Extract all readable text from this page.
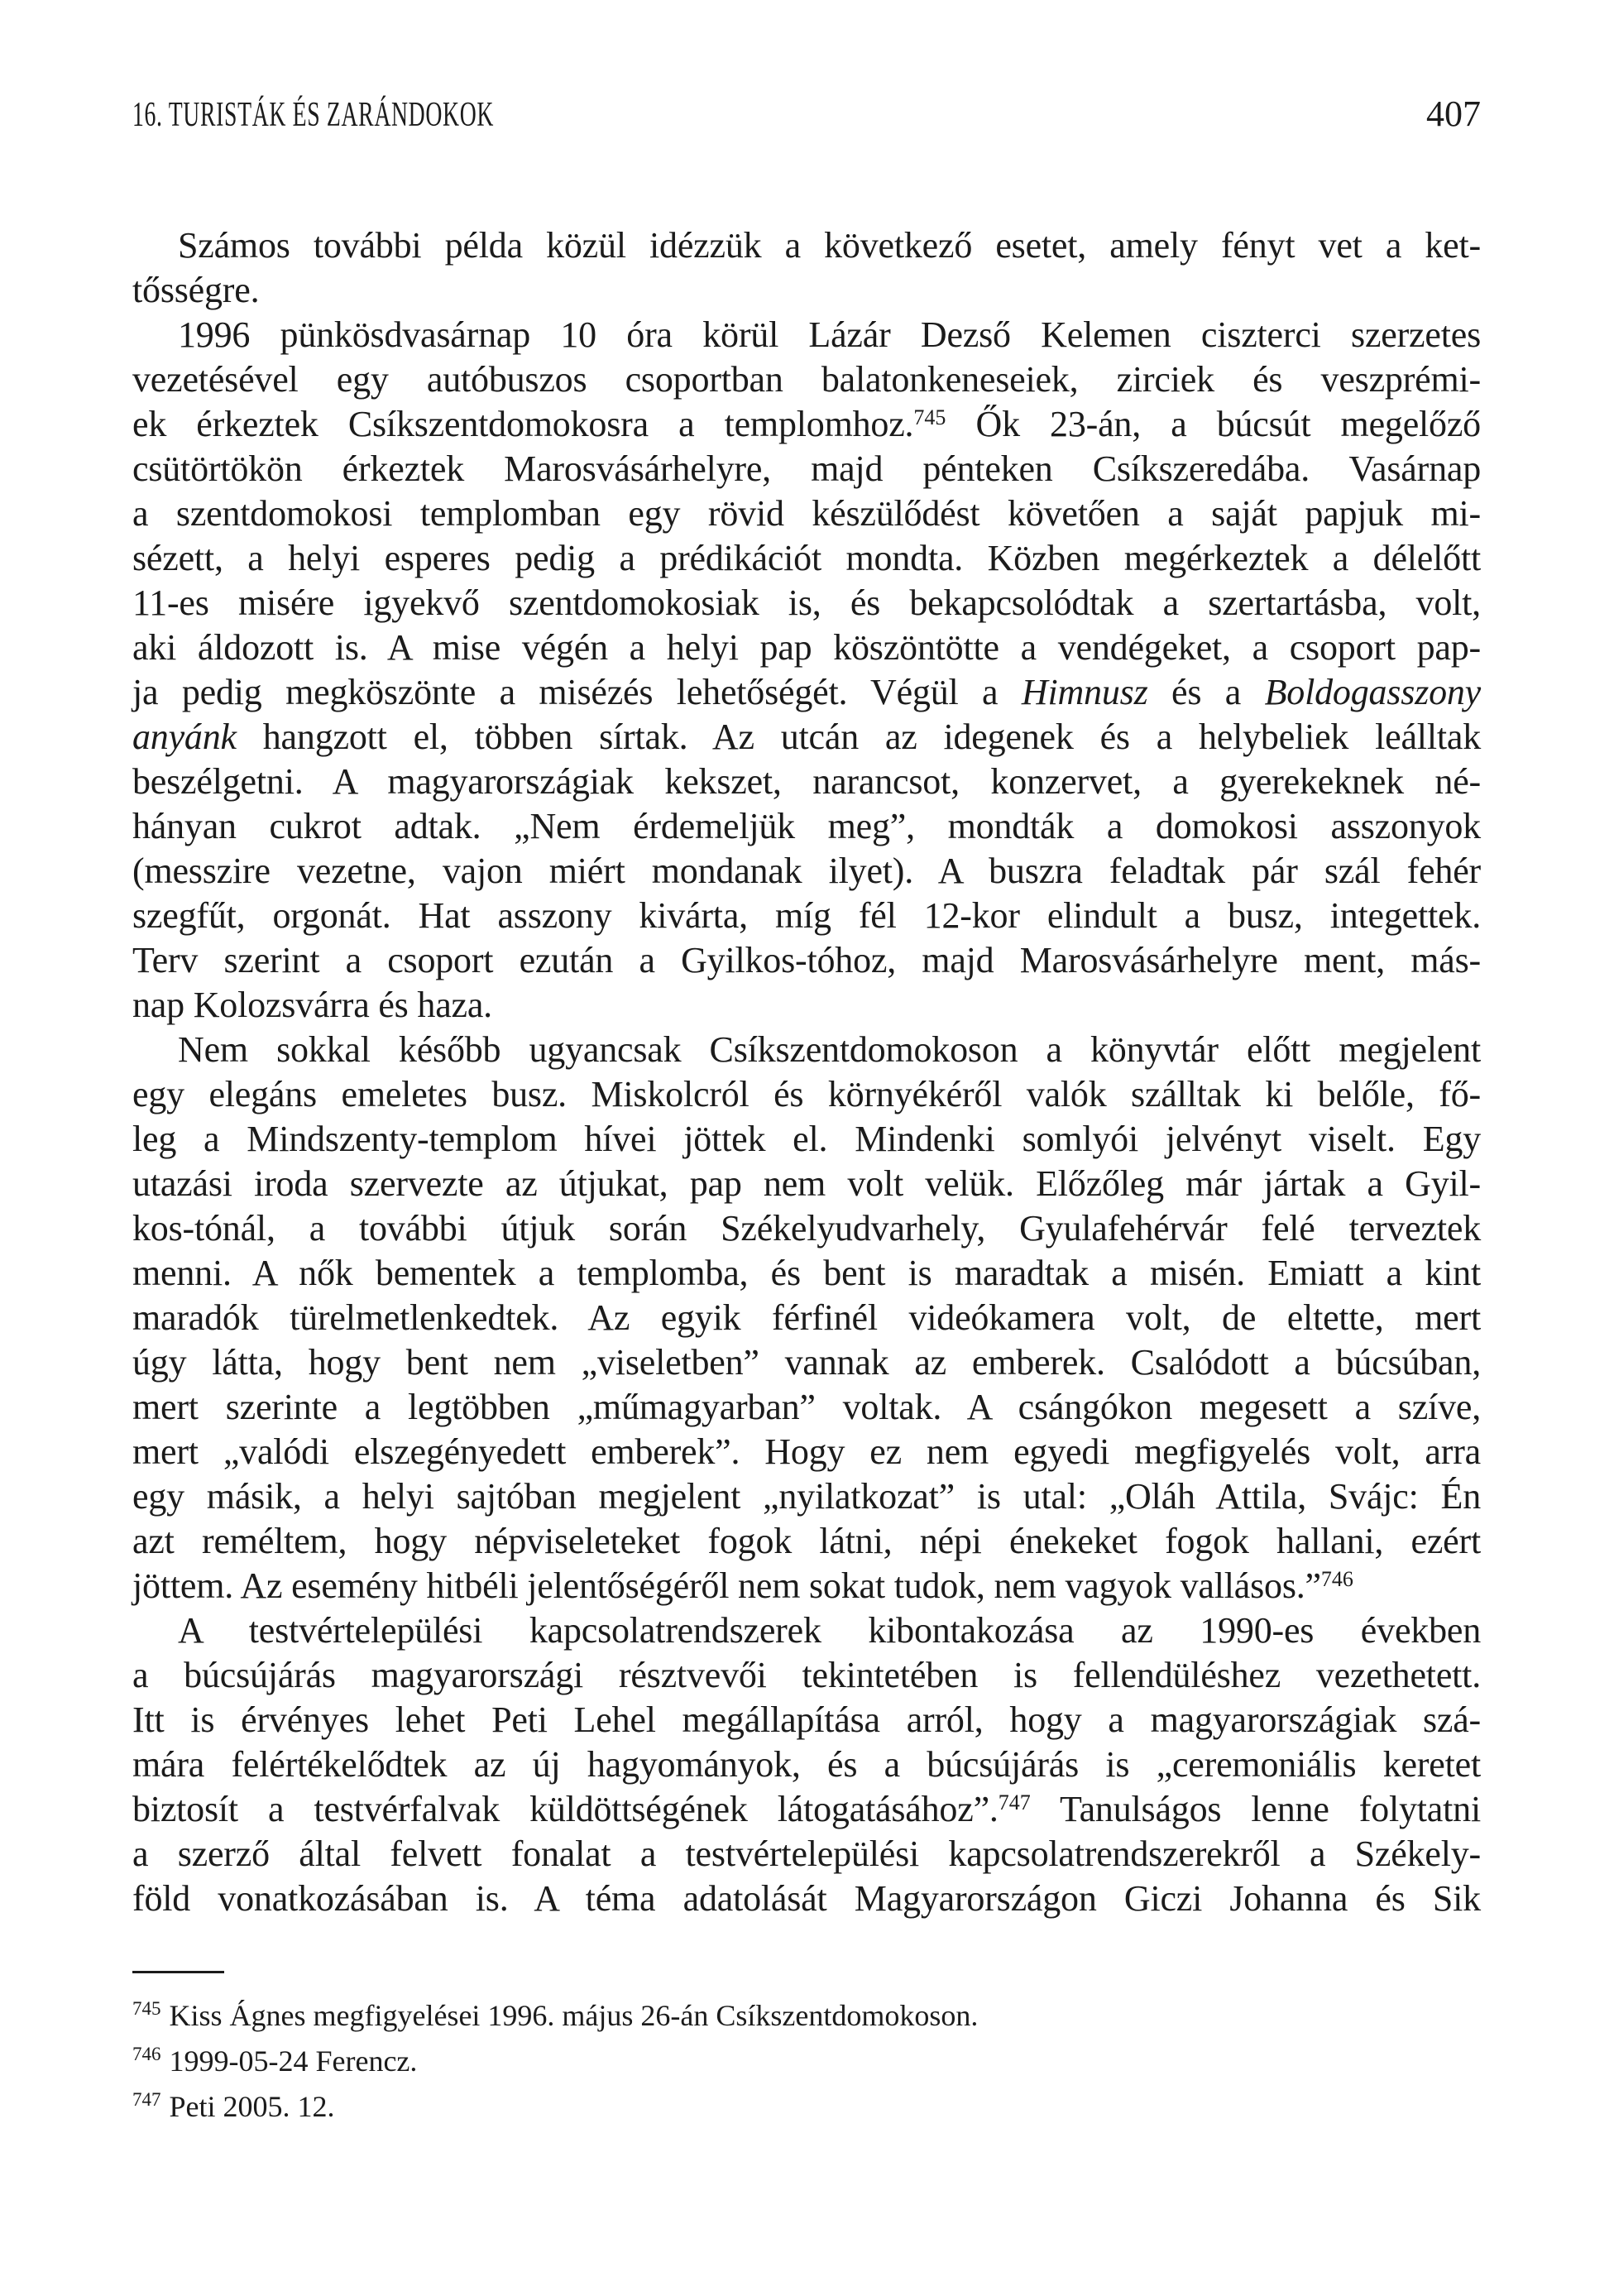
16. TURISTÁK ÉS ZARÁNDOKOK	407
Számos további példa közül idézzük a következő esetet, amely fényt vet a ket-
tősségre.
1996 pünkösdvasárnap 10 óra körül Lázár Dezső Kelemen ciszterci szerzetes
vezetésével egy autóbuszos csoportban balatonkeneseiek, zirciek és veszprémi-
ek érkeztek Csíkszentdomokosra a templomhoz.$^{745}$ Ők 23-án, a búcsút megelőző
csütörtökön érkeztek Marosvásárhelyre, majd pénteken Csíkszeredába. Vasárnap
a szentdomokosi templomban egy rövid készülődést követően a saját papjuk mi-
sézett, a helyi esperes pedig a prédikációt mondta. Közben megérkeztek a délelőtt
11-es misére igyekvő szentdomokosiak is, és bekapcsolódtak a szertartásba, volt,
aki áldozott is. A mise végén a helyi pap köszöntötte a vendégeket, a csoport pap-
ja pedig megköszönte a misézés lehetőségét. Végül a Himnusz és a Boldogasszony
anyánk hangzott el, többen sírtak. Az utcán az idegenek és a helybeliek leálltak
beszélgetni. A magyarországiak kekszet, narancsot, konzervet, a gyerekeknek né-
hányan cukrot adtak. „Nem érdemeljük meg”, mondták a domokosi asszonyok
(messzire vezetne, vajon miért mondanak ilyet). A buszra feladtak pár szál fehér
szegfűt, orgonát. Hat asszony kivárta, míg fél 12-kor elindult a busz, integettek.
Terv szerint a csoport ezután a Gyilkos-tóhoz, majd Marosvásárhelyre ment, más-
nap Kolozsvárra és haza.
Nem sokkal később ugyancsak Csíkszentdomokoson a könyvtár előtt megjelent
egy elegáns emeletes busz. Miskolcról és környékéről valók szálltak ki belőle, fő-
leg a Mindszenty-templom hívei jöttek el. Mindenki somlyói jelvényt viselt. Egy
utazási iroda szervezte az útjukat, pap nem volt velük. Előzőleg már jártak a Gyil-
kos-tónál, a további útjuk során Székelyudvarhely, Gyulafehérvár felé terveztek
menni. A nők bementek a templomba, és bent is maradtak a misén. Emiatt a kint
maradók türelmetlenkedtek. Az egyik férfinél videókamera volt, de eltette, mert
úgy látta, hogy bent nem „viseletben” vannak az emberek. Csalódott a búcsúban,
mert szerinte a legtöbben „műmagyarban” voltak. A csángókon megesett a szíve,
mert „valódi elszegényedett emberek”. Hogy ez nem egyedi megfigyelés volt, arra
egy másik, a helyi sajtóban megjelent „nyilatkozat” is utal: „Oláh Attila, Svájc: Én
azt reméltem, hogy népviseleteket fogok látni, népi énekeket fogok hallani, ezért
jöttem. Az esemény hitbéli jelentőségéről nem sokat tudok, nem vagyok vallásos.”$^{746}$
A testvértelepülési kapcsolatrendszerek kibontakozása az 1990-es években
a búcsújárás magyarországi résztvevői tekintetében is fellendüléshez vezethetett.
Itt is érvényes lehet Peti Lehel megállapítása arról, hogy a magyarországiak szá-
mára felértékelődtek az új hagyományok, és a búcsújárás is „ceremoniális keretet
biztosít a testvérfalvak küldöttségének látogatásához”.$^{747}$ Tanulságos lenne folytatni
a szerző által felvett fonalat a testvértelepülési kapcsolatrendszerekről a Székely-
föld vonatkozásában is. A téma adatolását Magyarországon Giczi Johanna és Sik
$^{745}$ Kiss Ágnes megfigyelései 1996. május 26-án Csíkszentdomokoson.
$^{746}$ 1999-05-24 Ferencz.
$^{747}$ Peti 2005. 12.
